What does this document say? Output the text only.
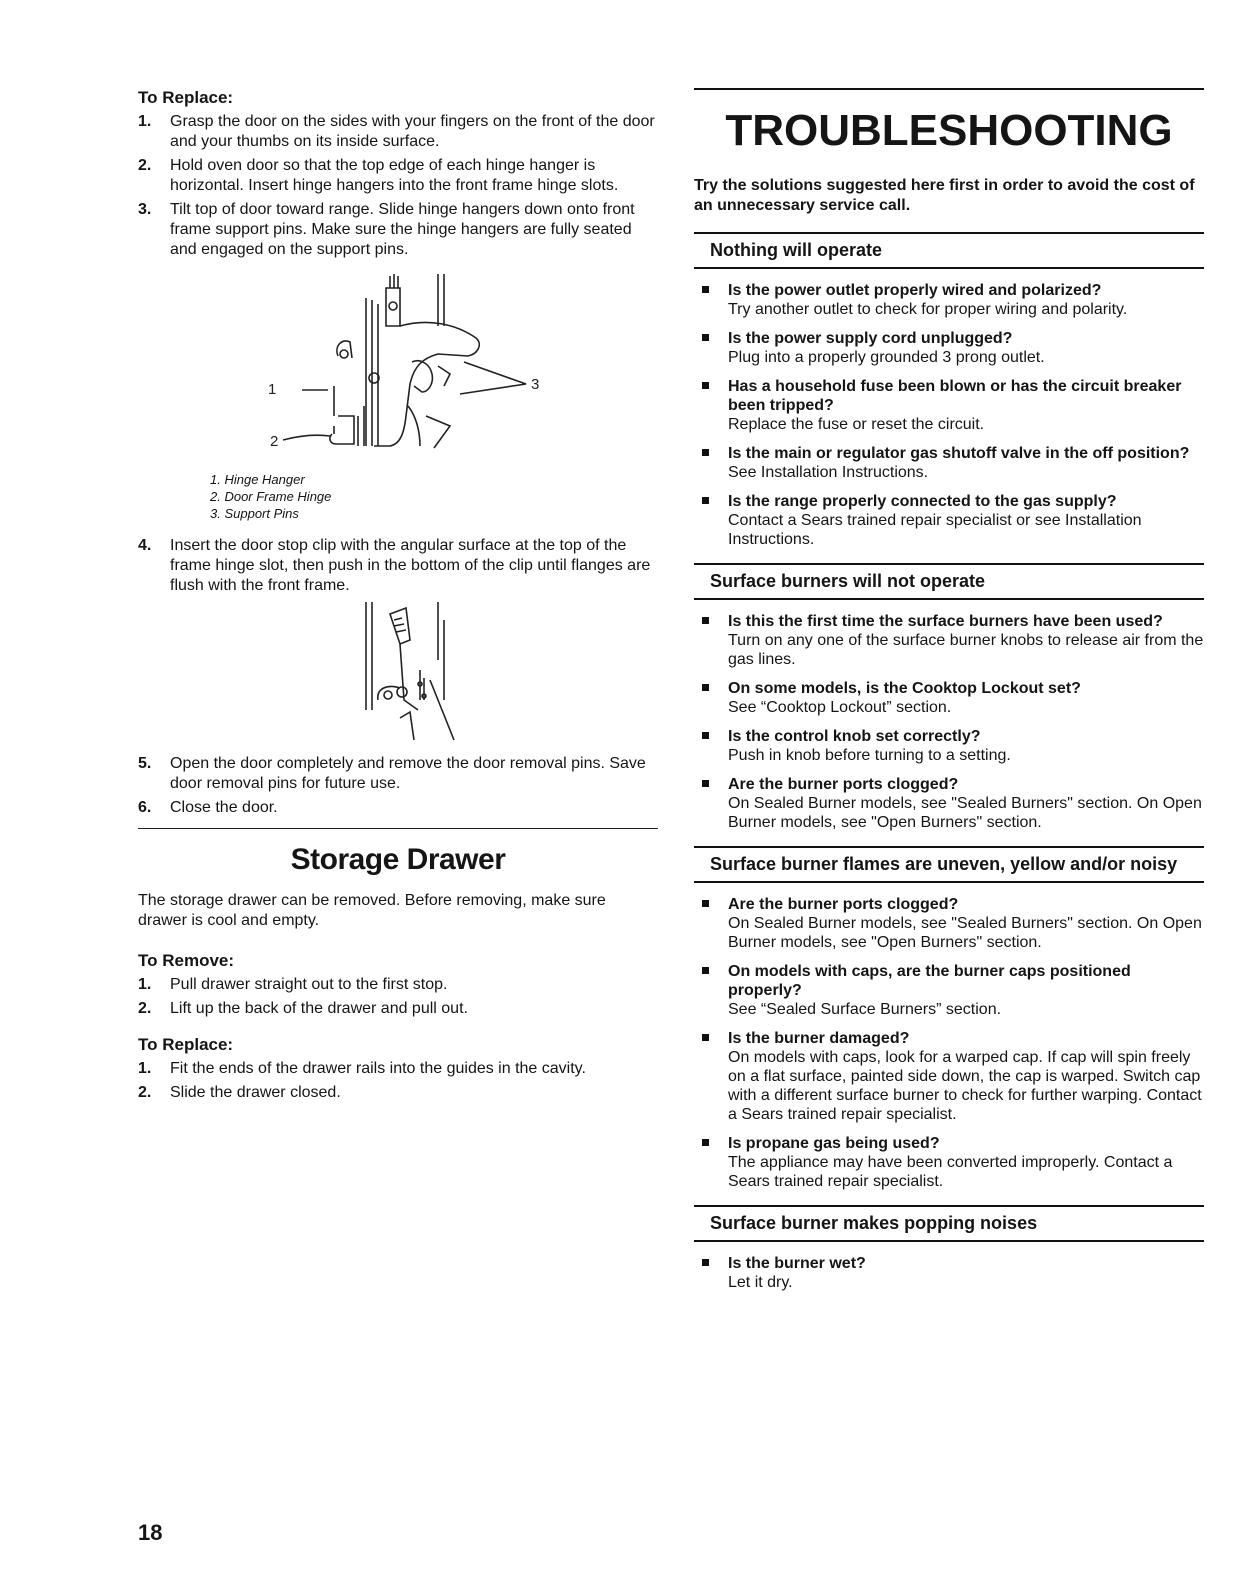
To Replace:
1. Grasp the door on the sides with your fingers on the front of the door and your thumbs on its inside surface.
2. Hold oven door so that the top edge of each hinge hanger is horizontal. Insert hinge hangers into the front frame hinge slots.
3. Tilt top of door toward range. Slide hinge hangers down onto front frame support pins. Make sure the hinge hangers are fully seated and engaged on the support pins.
1
2
3
1. Hinge Hanger
2. Door Frame Hinge
3. Support Pins
4. Insert the door stop clip with the angular surface at the top of the frame hinge slot, then push in the bottom of the clip until flanges are flush with the front frame.
5. Open the door completely and remove the door removal pins. Save door removal pins for future use.
6. Close the door.
Storage Drawer

The storage drawer can be removed. Before removing, make sure drawer is cool and empty.

To Remove:
1. Pull drawer straight out to the first stop.
2. Lift up the back of the drawer and pull out.
To Replace:
1. Fit the ends of the drawer rails into the guides in the cavity.
2. Slide the drawer closed.
TROUBLESHOOTING

Try the solutions suggested here first in order to avoid the cost of an unnecessary service call.

Nothing will operate
Is the power outlet properly wired and polarized?
Try another outlet to check for proper wiring and polarity.
Is the power supply cord unplugged?
Plug into a properly grounded 3 prong outlet.
Has a household fuse been blown or has the circuit breaker been tripped?
Replace the fuse or reset the circuit.
Is the main or regulator gas shutoff valve in the off position?
See Installation Instructions.
Is the range properly connected to the gas supply?
Contact a Sears trained repair specialist or see Installation Instructions.
Surface burners will not operate
Is this the first time the surface burners have been used?
Turn on any one of the surface burner knobs to release air from the gas lines.
On some models, is the Cooktop Lockout set?
See “Cooktop Lockout” section.
Is the control knob set correctly?
Push in knob before turning to a setting.
Are the burner ports clogged?
On Sealed Burner models, see "Sealed Burners" section. On Open Burner models, see "Open Burners" section.
Surface burner flames are uneven, yellow and/or noisy
Are the burner ports clogged?
On Sealed Burner models, see "Sealed Burners" section. On Open Burner models, see "Open Burners" section.
On models with caps, are the burner caps positioned properly?
See “Sealed Surface Burners” section.
Is the burner damaged?
On models with caps, look for a warped cap. If cap will spin freely on a flat surface, painted side down, the cap is warped. Switch cap with a different surface burner to check for further warping. Contact a Sears trained repair specialist.
Is propane gas being used?
The appliance may have been converted improperly. Contact a Sears trained repair specialist.
Surface burner makes popping noises
Is the burner wet?
Let it dry.
18
